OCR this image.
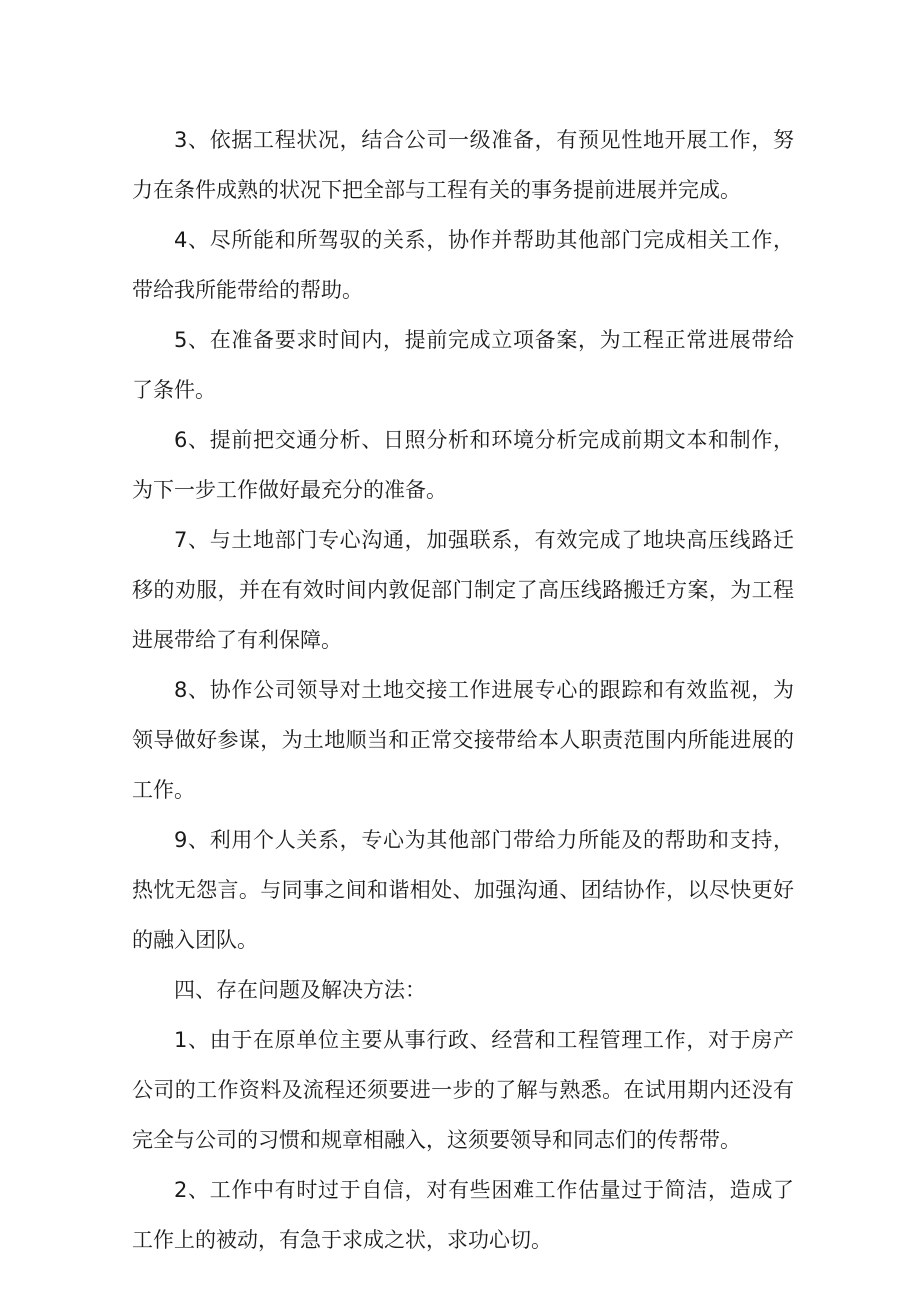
3、依据工程状况，结合公司一级准备，有预见性地开展工作，努力在条件成熟的状况下把全部与工程有关的事务提前进展并完成。

4、尽所能和所驾驭的关系，协作并帮助其他部门完成相关工作，带给我所能带给的帮助。

5、在准备要求时间内，提前完成立项备案，为工程正常进展带给了条件。

6、提前把交通分析、日照分析和环境分析完成前期文本和制作，为下一步工作做好最充分的准备。

7、与土地部门专心沟通，加强联系，有效完成了地块高压线路迁移的劝服，并在有效时间内敦促部门制定了高压线路搬迁方案，为工程进展带给了有利保障。

8、协作公司领导对土地交接工作进展专心的跟踪和有效监视，为领导做好参谋，为土地顺当和正常交接带给本人职责范围内所能进展的工作。

9、利用个人关系，专心为其他部门带给力所能及的帮助和支持，热忱无怨言。与同事之间和谐相处、加强沟通、团结协作，以尽快更好的融入团队。

四、存在问题及解决方法：

1、由于在原单位主要从事行政、经营和工程管理工作，对于房产公司的工作资料及流程还须要进一步的了解与熟悉。在试用期内还没有完全与公司的习惯和规章相融入，这须要领导和同志们的传帮带。

2、工作中有时过于自信，对有些困难工作估量过于简洁，造成了工作上的被动，有急于求成之状，求功心切。
